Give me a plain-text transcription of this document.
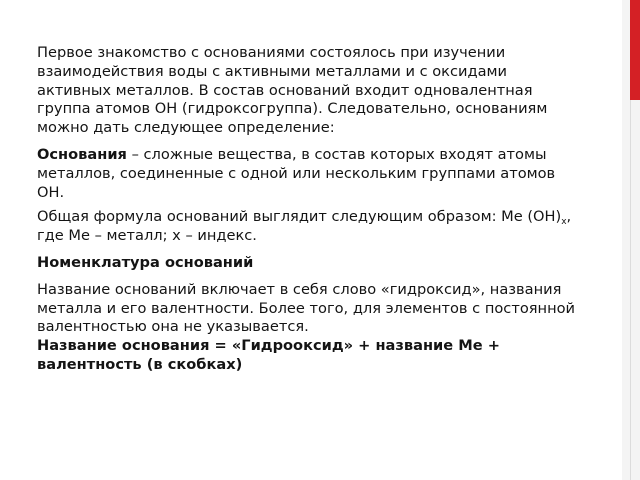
Первое знакомство с основаниями состоялось при изучении взаимодействия воды с активными металлами и с оксидами активных металлов. В состав оснований входит одновалентная группа атомов ОН (гидроксогруппа). Следовательно, основаниям можно дать следующее определение:

Основания – сложные вещества, в состав которых входят атомы металлов, соединенные с одной или нескольким группами атомов ОН.

Общая формула оснований выглядит следующим образом: Ме $(ОН)_x$, где Ме – металл; x – индекс.

Номенклатура оснований

Название оснований включает в себя слово «гидроксид», названия металла и его валентности. Более того, для элементов с постоянной валентностью она не указывается.

Название основания = «Гидрооксид» + название Ме + валентность (в скобках)
